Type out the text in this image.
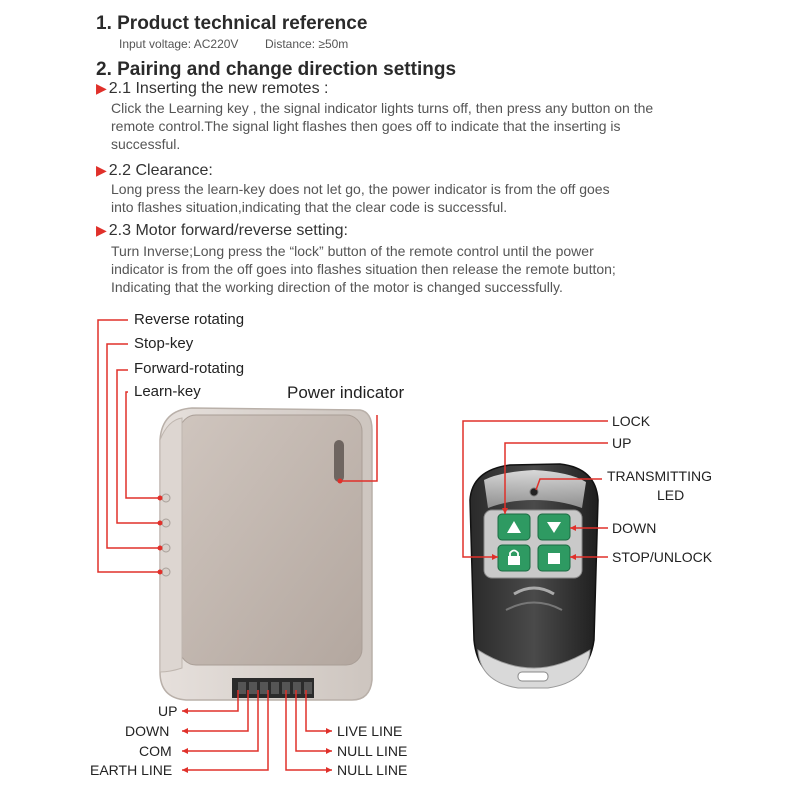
1. Product technical reference
Input voltage: AC220V Distance: ≥50m
2. Pairing and change direction settings
▶ 2.1 Inserting the new remotes :
Click the Learning key , the signal indicator lights turns off, then press any button on the
remote control.The signal light flashes then goes off to indicate that the inserting is
successful.
▶ 2.2 Clearance:
Long press the learn-key does not let go, the power indicator is from the off goes
into flashes situation,indicating that the clear code is successful.
▶ 2.3 Motor forward/reverse setting:
Turn Inverse;Long press the “lock” button of the remote control until the power
indicator is from the off goes into flashes situation then release the remote button;
Indicating that the working direction of the motor is changed successfully.
Reverse rotating
Stop-key
Forward-rotating
Learn-key	Power indicator
UP
DOWN
COM
EARTH LINE
LIVE LINE
NULL LINE
NULL LINE
LOCK
UP
TRANSMITTING
LED
DOWN
STOP/UNLOCK
